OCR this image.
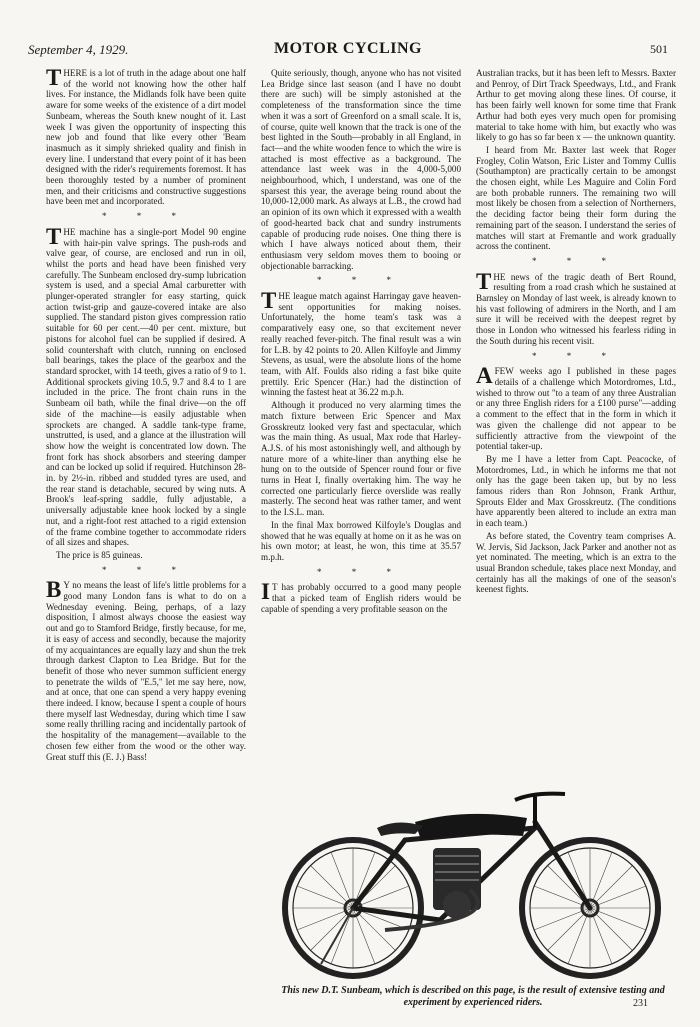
September 4, 1929.	MOTOR CYCLING	501

THERE is a lot of truth in the adage about one half of the world not knowing how the other half lives. For instance, the Midlands folk have been quite aware for some weeks of the existence of a dirt model Sunbeam, whereas the South knew nought of it. Last week I was given the opportunity of inspecting this new job and found that like every other 'Beam inasmuch as it simply shrieked quality and finish in every line. I understand that every point of it has been designed with the rider's requirements foremost. It has been thoroughly tested by a number of prominent men, and their criticisms and constructive suggestions have been met and incorporated.

* * *

THE machine has a single-port Model 90 engine with hair-pin valve springs. The push-rods and valve gear, of course, are enclosed and run in oil, whilst the ports and head have been finished very carefully. The Sunbeam enclosed dry-sump lubrication system is used, and a special Amal carburetter with plunger-operated strangler for easy starting, quick action twist-grip and gauze-covered intake are also supplied. The standard piston gives compression ratio suitable for 60 per cent.—40 per cent. mixture, but pistons for alcohol fuel can be supplied if desired. A solid countershaft with clutch, running on enclosed ball bearings, takes the place of the gearbox and the standard sprocket, with 14 teeth, gives a ratio of 9 to 1. Additional sprockets giving 10.5, 9.7 and 8.4 to 1 are included in the price. The front chain runs in the Sunbeam oil bath, while the final drive—on the off side of the machine—is easily adjustable when sprockets are changed. A saddle tank-type frame, unstrutted, is used, and a glance at the illustration will show how the weight is concentrated low down. The front fork has shock absorbers and steering damper and can be locked up solid if required. Hutchinson 28-in. by 2½-in. ribbed and studded tyres are used, and the rear stand is detachable, secured by wing nuts. A Brook's leaf-spring saddle, fully adjustable, a universally adjustable knee hook locked by a single nut, and a right-foot rest attached to a rigid extension of the frame combine together to accommodate riders of all sizes and shapes.

The price is 85 guineas.

* * *

B Y no means the least of life's little problems for a good many London fans is what to do on a Wednesday evening. Being, perhaps, of a lazy disposition, I almost always choose the easiest way out and go to Stamford Bridge, firstly because, for me, it is easy of access and secondly, because the majority of my acquaintances are equally lazy and shun the trek through darkest Clapton to Lea Bridge. But for the benefit of those who never summon sufficient energy to penetrate the wilds of "E.5," let me say here, now, and at once, that one can spend a very happy evening there indeed. I know, because I spent a couple of hours there myself last Wednesday, during which time I saw some really thrilling racing and incidentally partook of the hospitality of the management—available to the chosen few either from the wood or the other way. Great stuff this (E. J.) Bass!

Quite seriously, though, anyone who has not visited Lea Bridge since last season (and I have no doubt there are such) will be simply astonished at the completeness of the transformation since the time when it was a sort of Greenford on a small scale. It is, of course, quite well known that the track is one of the best lighted in the South—probably in all England, in fact—and the white wooden fence to which the wire is attached is most effective as a background. The attendance last week was in the 4,000-5,000 neighbourhood, which, I understand, was one of the sparsest this year, the average being round about the 10,000-12,000 mark. As always at L.B., the crowd had an opinion of its own which it expressed with a wealth of good-hearted back chat and sundry instruments capable of producing rude noises. One thing there is which I have always noticed about them, their enthusiasm very seldom moves them to booing or objectionable barracking.

* * *

THE league match against Harringay gave heaven-sent opportunities for making noises. Unfortunately, the home team's task was a comparatively easy one, so that excitement never really reached fever-pitch. The final result was a win for L.B. by 42 points to 20. Allen Kilfoyle and Jimmy Stevens, as usual, were the absolute lions of the home team, with Alf. Foulds also riding a fast bike quite prettily. Eric Spencer (Har.) had the distinction of winning the fastest heat at 36.22 m.p.h.

Although it produced no very alarming times the match fixture between Eric Spencer and Max Grosskreutz looked very fast and spectacular, which was the main thing. As usual, Max rode that Harley-A.J.S. of his most astonishingly well, and although by nature more of a white-liner than anything else he hung on to the outside of Spencer round four or five turns in Heat I, finally overtaking him. The way he corrected one particularly fierce overslide was really masterly. The second heat was rather tamer, and went to the I.S.L. man.

In the final Max borrowed Kilfoyle's Douglas and showed that he was equally at home on it as he was on his own motor; at least, he won, this time at 35.57 m.p.h.

* * *

I T has probably occurred to a good many people that a picked team of English riders would be capable of spending a very profitable season on the

Australian tracks, but it has been left to Messrs. Baxter and Penroy, of Dirt Track Speedways, Ltd., and Frank Arthur to get moving along these lines. Of course, it has been fairly well known for some time that Frank Arthur had both eyes very much open for promising material to take home with him, but exactly who was likely to go has so far been x — the unknown quantity.

I heard from Mr. Baxter last week that Roger Frogley, Colin Watson, Eric Lister and Tommy Cullis (Southampton) are practically certain to be amongst the chosen eight, while Les Maguire and Colin Ford are both probable runners. The remaining two will most likely be chosen from a selection of Northerners, the deciding factor being their form during the remaining part of the season. I understand the series of matches will start at Fremantle and work gradually across the continent.

* * *

THE news of the tragic death of Bert Round, resulting from a road crash which he sustained at Barnsley on Monday of last week, is already known to his vast following of admirers in the North, and I am sure it will be received with the deepest regret by those in London who witnessed his fearless riding in the South during his recent visit.

* * *

AFEW weeks ago I published in these pages details of a challenge which Motordromes, Ltd., wished to throw out "to a team of any three Australian or any three English riders for a £100 purse"—adding a comment to the effect that in the form in which it was given the challenge did not appear to be sufficiently attractive from the viewpoint of the potential taker-up.

By me I have a letter from Capt. Peacocke, of Motordromes, Ltd., in which he informs me that not only has the gage been taken up, but by no less famous riders than Ron Johnson, Frank Arthur, Sprouts Elder and Max Grosskreutz. (The conditions have apparently been altered to include an extra man in each team.)

As before stated, the Coventry team comprises A. W. Jervis, Sid Jackson, Jack Parker and another not as yet nominated. The meeting, which is an extra to the usual Brandon schedule, takes place next Monday, and certainly has all the makings of one of the season's keenest fights.

This new D.T. Sunbeam, which is described on this page, is the result of extensive testing and experiment by experienced riders.	231
